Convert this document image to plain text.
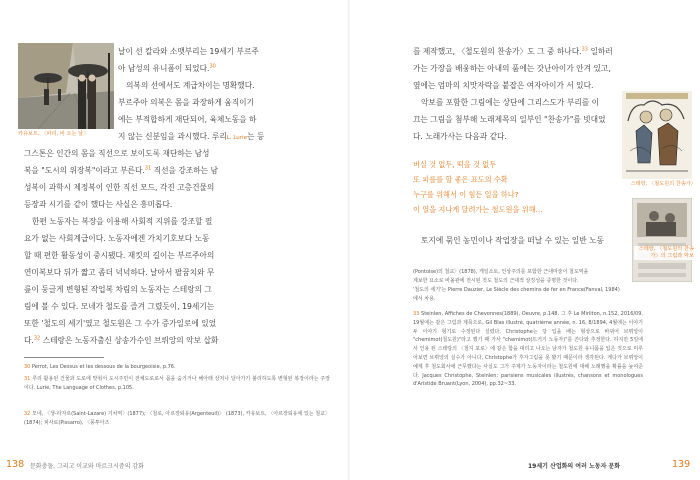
카유보트, 〈파리, 비 오는 날〉

날이 선 칼라와 소맷부리는 19세기 부르주

아 남성의 유니폼이 되었다.$^{30}$

의복의 선에서도 계급차이는 명확했다.

부르주아 의복은 몸을 과장하게 움직이기

에는 부적합하게 재단되어, 육체노동을 하

지 않는 신분임을 과시했다. 루리L. Lurie는 등

그스톤은 인간의 몸을 직선으로 보이도록 재단하는 남성

복을 "도시의 위장복"이라고 부른다.$^{31}$ 직선을 강조하는 남

성복이 과학시 제정복이 인한 직선 모드, 각진 고층건물의

등장과 시기를 같이 했다는 사실은 흥미롭다.

한편 노동자는 복장을 이용해 사회적 지위를 강조할 필

요가 없는 사회계급이다. 노동자에겐 가치기호보다 노동

할 때 편한 활동성이 중시됐다. 재킷의 길이는 부르주아의

연미복보다 뒤가 짧고 좀더 넉넉하다. 날아서 팔꿈치와 무

릎이 둥글게 변형된 작업복 차림의 노동자는 스테랑의 그

림에 볼 수 있다. 모네가 철도를 즐겨 그렸듯이, 19세기는

또한 '철도의 세기'였고 철도원은 그 수가 증가일로에 있었

다.$^{32}$ 스테랑은 노동자출신 상송가수인 브뤼앙의 악보 삽화

30 Perrot, Les Dessus et les dessous de la bourgeoisie, p.76.

31 루리 활용된 건물과 도로에 맞춰서 도시주민이 전체도로로서 몸을 숨기거나 해아래 상처나 달아가기 불리하도록 변형된 복장이라는 주장이다. Lurie, The Language of Clothes, p.105.

32 모네, 〈생-라자르(Saint-Lazare) 기차역〉(1877); 〈철로, 아르장퇴유(Argenteuil)〉 (1873), 카유보트, 〈아르장퇴유에 있는 철교〉(1874); 피사로(Pissarro), 〈퐁투아즈

138 문화충돌, 그리고 이교와 마르크시즘의 감화

를 제작했고, 〈철도원의 찬송가〉도 그 중 하나다.$^{33}$ 일하러

가는 가장을 배웅하는 아내의 품에는 갓난아이가 안겨 있고,

옆에는 엄마의 치맛자락을 붙잡은 여자아이가 서 있다.

악보를 포함한 그림에는 상단에 그리스도가 부리를 이

끄는 그림을 첨부해 노래제목의 일부인 "찬송가"를 빗대었

다. 노래가사는 다음과 같다.

버실 것 없두, 떡을 것 없두
또 피를를 할 좋은 표도의 수확
누구를 위해서 이 힘든 일을 하나?
이 열을 지나게 달려가는 철도원을 위해…

토지에 묶인 농민이나 작업장을 떠날 수 있는 일반 노동

스테랑, 〈철도원의 찬송가〉
스테랑, 〈철도원의 찬송가〉의 그림과 악보

(Pontoise)의 철교〉(1878), 게일소토, 인상주의를 포함한 근대미술이 철도역을

계보한 요소로 바올관에 전시된 것도 철도의 근대적 상징성을 증명한 것이다.

'철도의 세기'는 Pierre Dauzier, Le Siècle des chemins de fer en France(Fanval, 1984)

에서 차용.

33 Steinlen, Affiches de Chevonnes(1889), Oeuvre, p.148. 그 후 Le Mirliton, n.152, 2016/09, 19월에는 같은 그림과 제목으로, Gil Blas illustré, quatrième année, n. 16, 8/1894, 4월에는 이야기 두 이야기 형기로 수정된다 실렸다. Christophe는 당 입을 배는 형상으로 바뀌어 브뤼앙이 "chemimot(철도원)"라고 했기 때 가사 "chemimot(뜨거기 노동자)"를 쓴다와 추정한다. 하지만 5일에서 인용 된 스테랑의 〈철지 포로〉에 같은 함을 대리고 나오는 남자가 철도원 유니폼을 입은 것으로 미루어보면 브뤼앙의 실수가 아니다, Christophe가 후자그림을 못 봤기 때문이라 생각된다. 게다가 브뤼앙이 예제 후 철도회사에 근무했다는 사실도 그가 주제가 노동자이라는 철도원에 대해 노래했을 확률을 높여준다. Jacques Christophe, Steinlen; parisiens musicales illustrés, chansons et monologues d'Aristide Bruant(Lyon, 2004), pp.32~33.

19세기 산업화의 여러 노동자 문화	139
